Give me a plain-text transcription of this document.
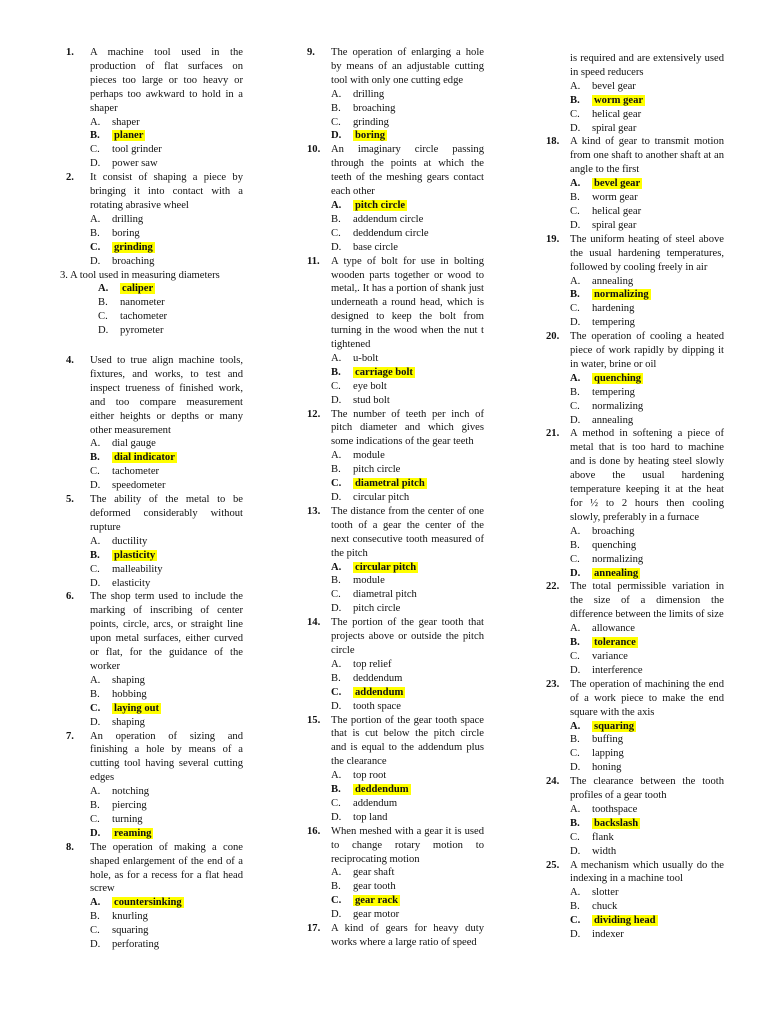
1. A machine tool used in the production of flat surfaces on pieces too large or too heavy or perhaps too awkward to hold in a shaper
A. shaper
B. planer
C. tool grinder
D. power saw
2. It consist of shaping a piece by bringing it into contact with a rotating abrasive wheel
A. drilling
B. boring
C. grinding
D. broaching
3. A tool used in measuring diameters
A. caliper
B. nanometer
C. tachometer
D. pyrometer
4. Used to true align machine tools, fixtures, and works, to test and inspect trueness of finished work, and too compare measurement either heights or depths or many other measurement
A. dial gauge
B. dial indicator
C. tachometer
D. speedometer
5. The ability of the metal to be deformed considerably without rupture
A. ductility
B. plasticity
C. malleability
D. elasticity
6. The shop term used to include the marking of inscribing of center points, circle, arcs, or straight line upon metal surfaces, either curved or flat, for the guidance of the worker
A. shaping
B. hobbing
C. laying out
D. shaping
7. An operation of sizing and finishing a hole by means of a cutting tool having several cutting edges
A. notching
B. piercing
C. turning
D. reaming
8. The operation of making a cone shaped enlargement of the end of a hole, as for a recess for a flat head screw
A. countersinking
B. knurling
C. squaring
D. perforating
9. The operation of enlarging a hole by means of an adjustable cutting tool with only one cutting edge
A. drilling
B. broaching
C. grinding
D. boring
10. An imaginary circle passing through the points at which the teeth of the meshing gears contact each other
A. pitch circle
B. addendum circle
C. deddendum circle
D. base circle
11. A type of bolt for use in bolting wooden parts together or wood to metal,. It has a portion of shank just underneath a round head, which is designed to keep the bolt from turning in the wood when the nut t tightened
A. u-bolt
B. carriage bolt
C. eye bolt
D. stud bolt
12. The number of teeth per inch of pitch diameter and which gives some indications of the gear teeth
A. module
B. pitch circle
C. diametral pitch
D. circular pitch
13. The distance from the center of one tooth of a gear the center of the next consecutive tooth measured of the pitch
A. circular pitch
B. module
C. diametral pitch
D. pitch circle
14. The portion of the gear tooth that projects above or outside the pitch circle
A. top relief
B. deddendum
C. addendum
D. tooth space
15. The portion of the gear tooth space that is cut below the pitch circle and is equal to the addendum plus the clearance
A. top root
B. deddendum
C. addendum
D. top land
16. When meshed with a gear it is used to change rotary motion to reciprocating motion
A. gear shaft
B. gear tooth
C. gear rack
D. gear motor
17. A kind of gears for heavy duty works where a large ratio of speed
is required and are extensively used in speed reducers
A. bevel gear
B. worm gear
C. helical gear
D. spiral gear
18. A kind of gear to transmit motion from one shaft to another shaft at an angle to the first
A. bevel gear
B. worm gear
C. helical gear
D. spiral gear
19. The uniform heating of steel above the usual hardening temperatures, followed by cooling freely in air
A. annealing
B. normalizing
C. hardening
D. tempering
20. The operation of cooling a heated piece of work rapidly by dipping it in water, brine or oil
A. quenching
B. tempering
C. normalizing
D. annealing
21. A method in softening a piece of metal that is too hard to machine and is done by heating steel slowly above the usual hardening temperature keeping it at the heat for ½ to 2 hours then cooling slowly, preferably in a furnace
A. broaching
B. quenching
C. normalizing
D. annealing
22. The total permissible variation in the size of a dimension the difference between the limits of size
A. allowance
B. tolerance
C. variance
D. interference
23. The operation of machining the end of a work piece to make the end square with the axis
A. squaring
B. buffing
C. lapping
D. honing
24. The clearance between the tooth profiles of a gear tooth
A. toothspace
B. backslash
C. flank
D. width
25. A mechanism which usually do the indexing in a machine tool
A. slotter
B. chuck
C. dividing head
D. indexer
